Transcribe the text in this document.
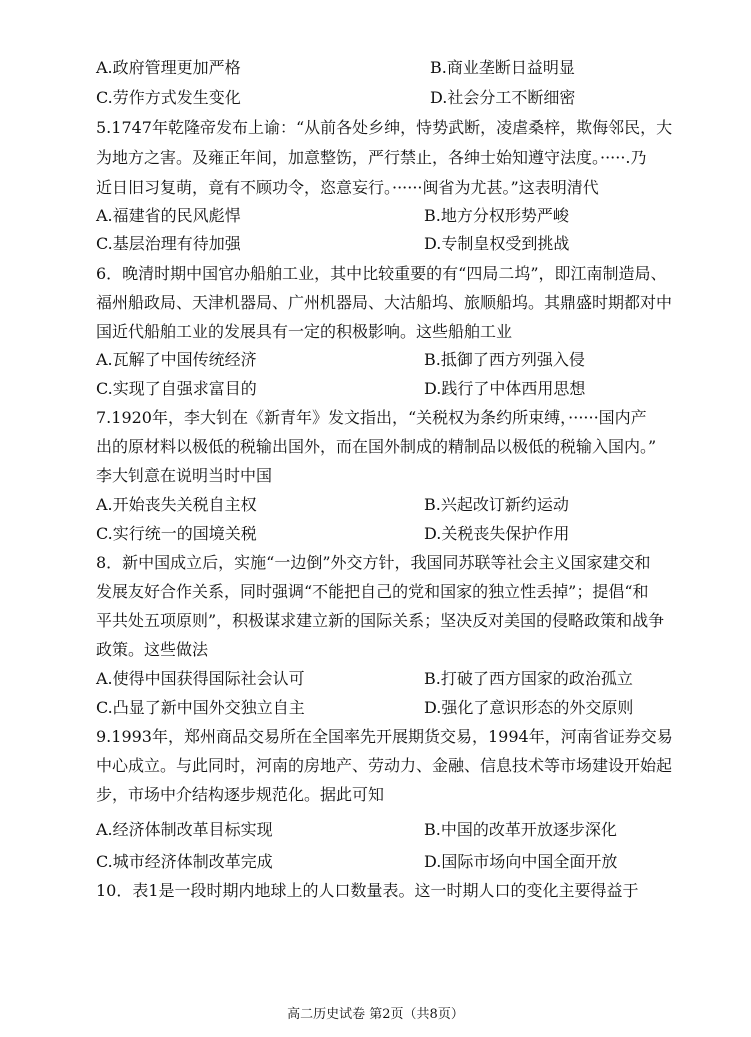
A.政府管理更加严格	B.商业垄断日益明显
C.劳作方式发生变化	D.社会分工不断细密
5.1747年乾隆帝发布上谕：“从前各处乡绅，恃势武断，凌虐桑梓，欺侮邻民，大
为地方之害。及雍正年间，加意整饬，严行禁止，各绅士始知遵守法度。·····.乃
近日旧习复萌，竟有不顾功令，恣意妄行。······闽省为尤甚。”这表明清代
A.福建省的民风彪悍	B.地方分权形势严峻
C.基层治理有待加强	D.专制皇权受到挑战
6．晚清时期中国官办船舶工业，其中比较重要的有“四局二坞”，即江南制造局、
福州船政局、天津机器局、广州机器局、大沽船坞、旅顺船坞。其鼎盛时期都对中
国近代船舶工业的发展具有一定的积极影响。这些船舶工业
A.瓦解了中国传统经济	B.抵御了西方列强入侵
C.实现了自强求富目的	D.践行了中体西用思想
7.1920年，李大钊在《新青年》发文指出，“关税权为条约所束缚，······国内产
出的原材料以极低的税输出国外，而在国外制成的精制品以极低的税输入国内。”
李大钊意在说明当时中国
A.开始丧失关税自主权	B.兴起改订新约运动
C.实行统一的国境关税	D.关税丧失保护作用
8．新中国成立后，实施“一边倒”外交方针，我国同苏联等社会主义国家建交和
发展友好合作关系，同时强调“不能把自己的党和国家的独立性丢掉”；提倡“和
平共处五项原则”，积极谋求建立新的国际关系；坚决反对美国的侵略政策和战争
政策。这些做法
A.使得中国获得国际社会认可	B.打破了西方国家的政治孤立
C.凸显了新中国外交独立自主	D.强化了意识形态的外交原则
9.1993年，郑州商品交易所在全国率先开展期货交易，1994年，河南省证券交易
中心成立。与此同时，河南的房地产、劳动力、金融、信息技术等市场建设开始起
步，市场中介结构逐步规范化。据此可知
A.经济体制改革目标实现	B.中国的改革开放逐步深化
C.城市经济体制改革完成	D.国际市场向中国全面开放
10．表1是一段时期内地球上的人口数量表。这一时期人口的变化主要得益于
高二历史试卷 第2页（共8页）
